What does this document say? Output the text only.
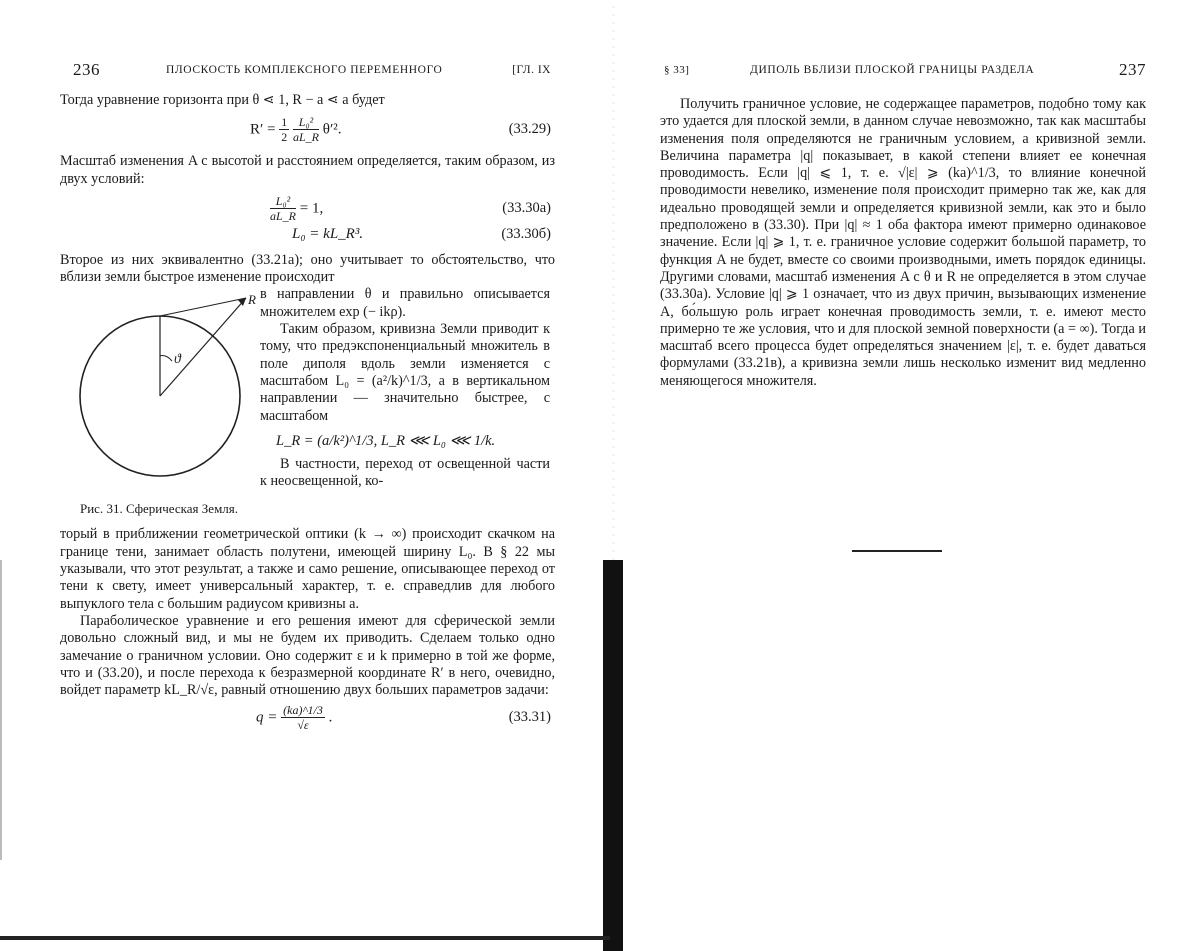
236	ПЛОСКОСТЬ КОМПЛЕКСНОГО ПЕРЕМЕННОГО	[ГЛ. IX

Тогда уравнение горизонта при θ ⋖ 1, R − a ⋖ a будет

$R' = \frac{1}{2}$
$\frac{\text{L₀²}}{aL\_R} \theta'^2$.	(33.29)

Масштаб изменения A с высотой и расстоянием определяется, таким образом, из двух условий:

$\frac{\text{L₀²}}{aL\_R} = 1$,	(33.30а)
L₀ = kL_R³.	(33.30б)

Второе из них эквивалентно (33.21а); оно учитывает то обстоятельство, что вблизи земли быстрое изменение происходит

R
ϑ
Рис. 31. Сферическая Земля.

в направлении θ и правильно описывается множителем exp (− ikρ).

Таким образом, кривизна Земли приводит к тому, что предэкспоненциальный множитель в поле диполя вдоль земли изменяется с масштабом L₀ = (a²/k)^1/3, а в вертикальном направлении — значительно быстрее, с масштабом

L_R = (a/k²)^1/3, L_R ⋘ L₀ ⋘ 1/k.

В частности, переход от освещенной части к неосвещенной, ко-

торый в приближении геометрической оптики (k → ∞) происходит скачком на границе тени, занимает область полутени, имеющей ширину L₀. В § 22 мы указывали, что этот результат, а также и само решение, описывающее переход от тени к свету, имеет универсальный характер, т. е. справедлив для любого выпуклого тела с большим радиусом кривизны a.

Параболическое уравнение и его решения имеют для сферической земли довольно сложный вид, и мы не будем их приводить. Сделаем только одно замечание о граничном условии. Оно содержит ε и k примерно в той же форме, что и (33.20), и после перехода к безразмерной координате R′ в него, очевидно, войдет параметр kL_R/√ε, равный отношению двух больших параметров задачи:

$q = \frac{(ka)\^{}1/3}{√\varepsilon}$ .	(33.31)
§ 33]	ДИПОЛЬ ВБЛИЗИ ПЛОСКОЙ ГРАНИЦЫ РАЗДЕЛА	237

Получить граничное условие, не содержащее параметров, подобно тому как это удается для плоской земли, в данном случае невозможно, так как масштабы изменения поля определяются не граничным условием, а кривизной земли. Величина параметра |q| показывает, в какой степени влияет ее конечная проводимость. Если |q| ⩽ 1, т. е. √|ε| ⩾ (ka)^1/3, то влияние конечной проводимости невелико, изменение поля происходит примерно так же, как для идеально проводящей земли и определяется кривизной земли, как это и было предположено в (33.30). При |q| ≈ 1 оба фактора имеют примерно одинаковое значение. Если |q| ⩾ 1, т. е. граничное условие содержит большой параметр, то функция A не будет, вместе со своими производными, иметь порядок единицы. Другими словами, масштаб изменения A с θ и R не определяется в этом случае (33.30а). Условие |q| ⩾ 1 означает, что из двух причин, вызывающих изменение A, бо́льшую роль играет конечная проводимость земли, т. е. имеют место примерно те же условия, что и для плоской земной поверхности (a = ∞). Тогда и масштаб всего процесса будет определяться значением |ε|, т. е. будет даваться формулами (33.21в), а кривизна земли лишь несколько изменит вид медленно меняющегося множителя.
